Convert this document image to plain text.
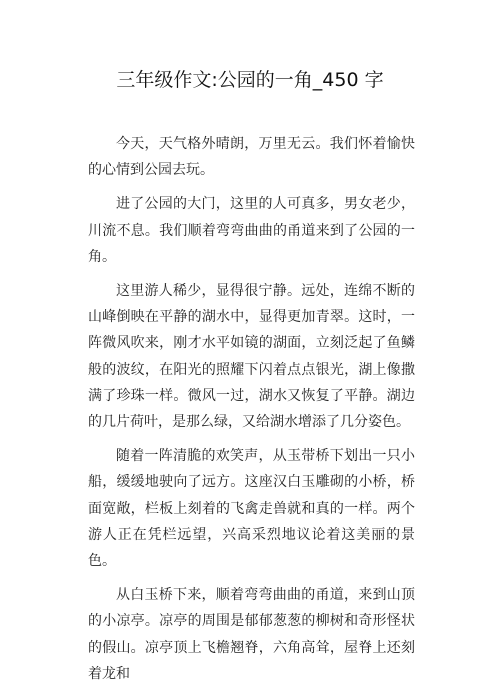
三年级作文:公园的一角_450 字

今天，天气格外晴朗，万里无云。我们怀着愉快的心情到公园去玩。

进了公园的大门，这里的人可真多，男女老少，川流不息。我们顺着弯弯曲曲的甬道来到了公园的一角。

这里游人稀少，显得很宁静。远处，连绵不断的山峰倒映在平静的湖水中，显得更加青翠。这时，一阵微风吹来，刚才水平如镜的湖面，立刻泛起了鱼鳞般的波纹，在阳光的照耀下闪着点点银光，湖上像撒满了珍珠一样。微风一过，湖水又恢复了平静。湖边的几片荷叶，是那么绿，又给湖水增添了几分姿色。

随着一阵清脆的欢笑声，从玉带桥下划出一只小船，缓缓地驶向了远方。这座汉白玉雕砌的小桥，桥面宽敞，栏板上刻着的飞禽走兽就和真的一样。两个游人正在凭栏远望，兴高采烈地议论着这美丽的景色。

从白玉桥下来，顺着弯弯曲曲的甬道，来到山顶的小凉亭。凉亭的周围是郁郁葱葱的柳树和奇形怪状的假山。凉亭顶上飞檐翘脊，六角高耸，屋脊上还刻着龙和
